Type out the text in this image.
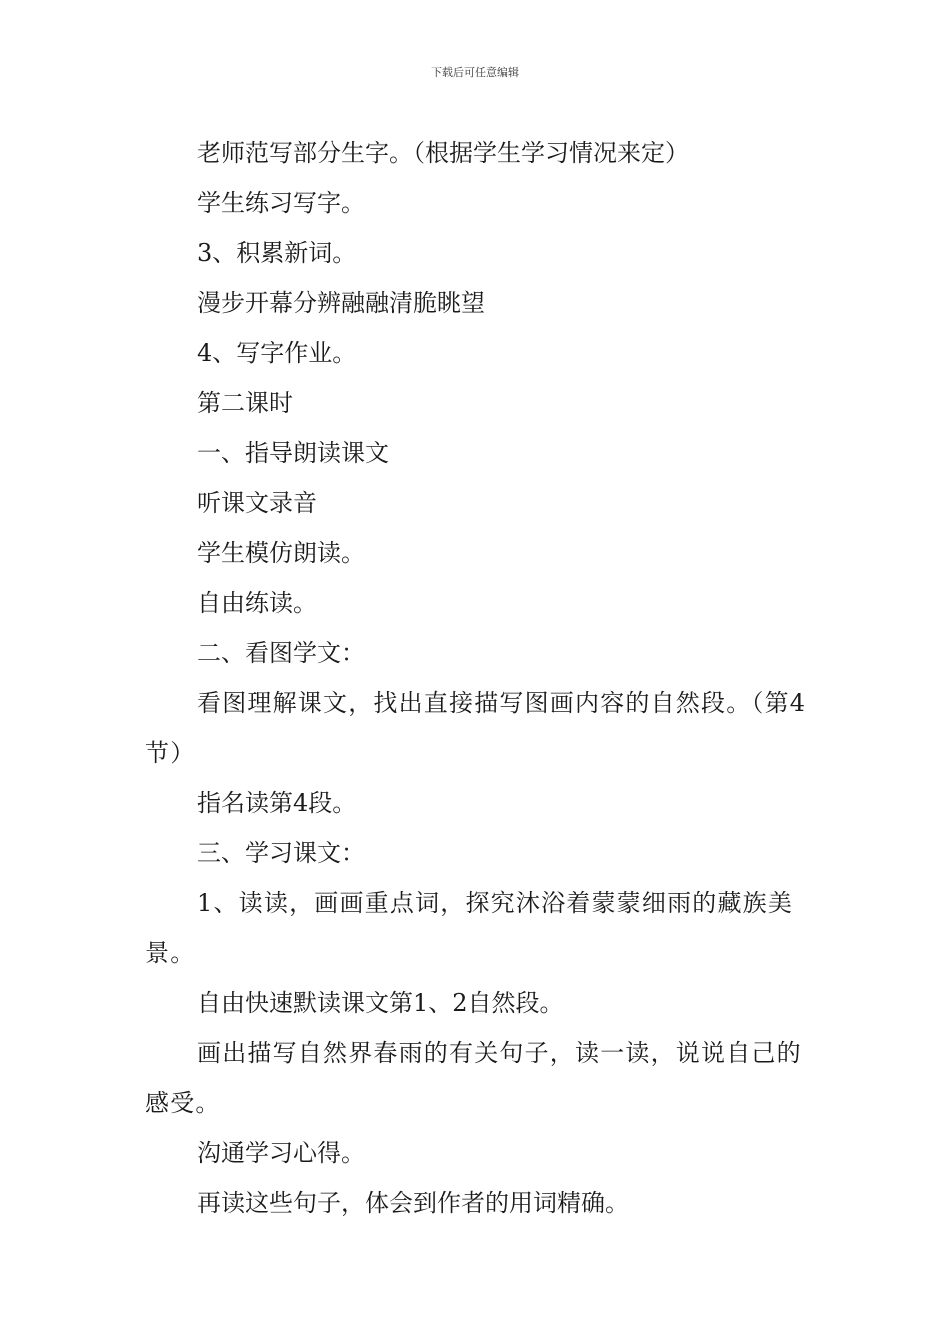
下载后可任意编辑

老师范写部分生字。（根据学生学习情况来定）

学生练习写字。

3、积累新词。

漫步开幕分辨融融清脆眺望

4、写字作业。

第二课时

一、指导朗读课文

听课文录音

学生模仿朗读。

自由练读。

二、看图学文：

看图理解课文，找出直接描写图画内容的自然段。（第4节）

指名读第4段。

三、学习课文：

1、读读，画画重点词，探究沐浴着蒙蒙细雨的藏族美景。

自由快速默读课文第1、2自然段。

画出描写自然界春雨的有关句子，读一读，说说自己的感受。

沟通学习心得。

再读这些句子，体会到作者的用词精确。
